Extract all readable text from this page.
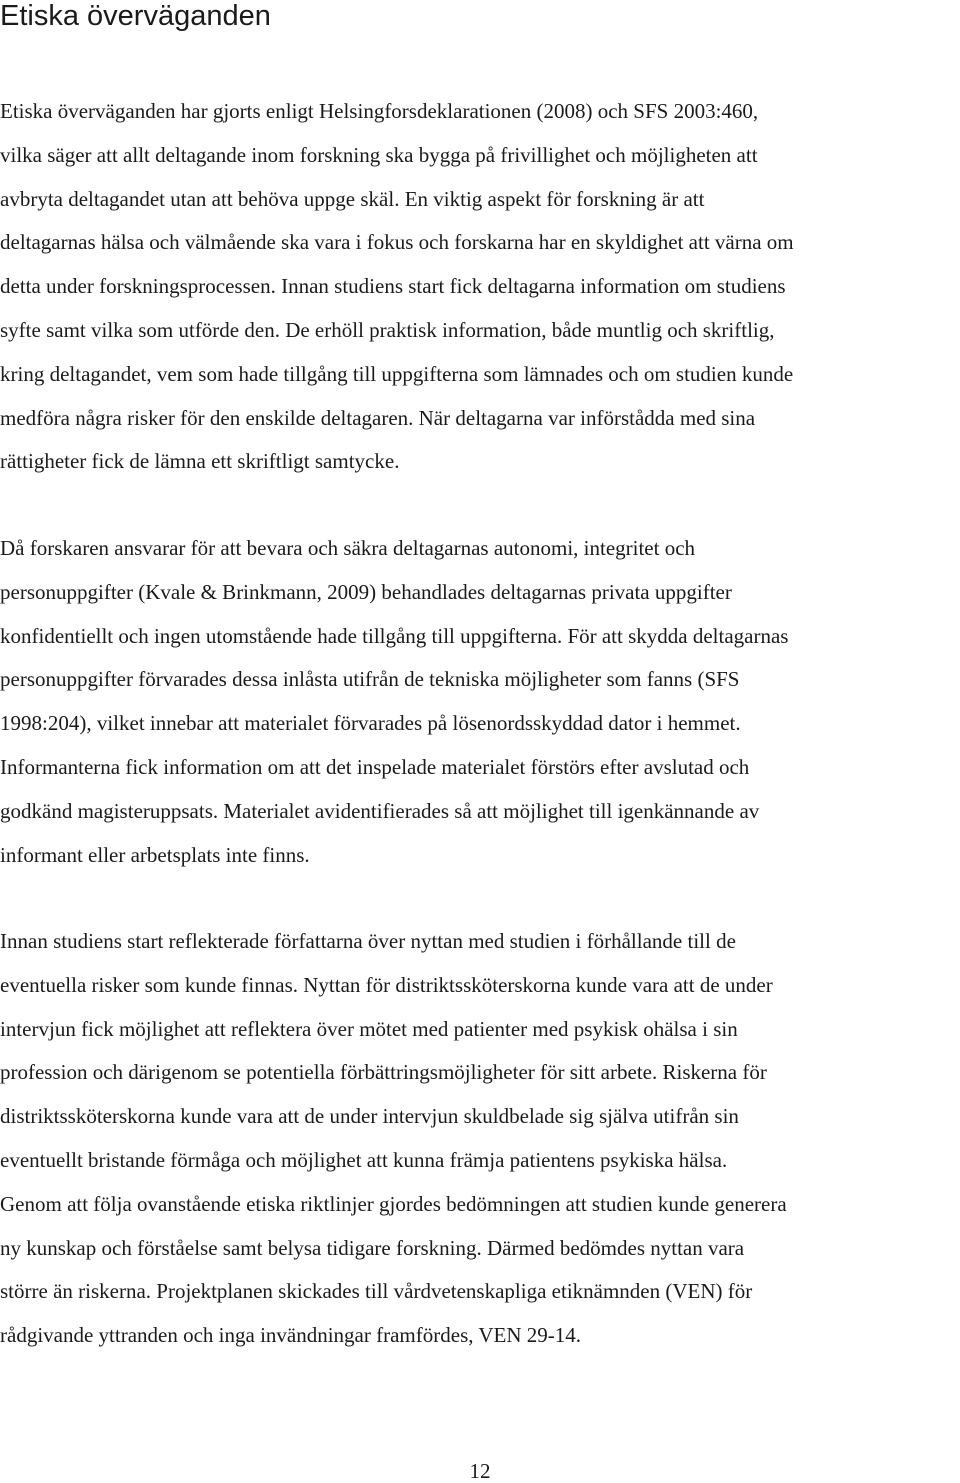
Etiska överväganden
Etiska överväganden har gjorts enligt Helsingforsdeklarationen (2008) och SFS 2003:460,
vilka säger att allt deltagande inom forskning ska bygga på frivillighet och möjligheten att
avbryta deltagandet utan att behöva uppge skäl. En viktig aspekt för forskning är att
deltagarnas hälsa och välmående ska vara i fokus och forskarna har en skyldighet att värna om
detta under forskningsprocessen. Innan studiens start fick deltagarna information om studiens
syfte samt vilka som utförde den. De erhöll praktisk information, både muntlig och skriftlig,
kring deltagandet, vem som hade tillgång till uppgifterna som lämnades och om studien kunde
medföra några risker för den enskilde deltagaren. När deltagarna var införstådda med sina
rättigheter fick de lämna ett skriftligt samtycke.
Då forskaren ansvarar för att bevara och säkra deltagarnas autonomi, integritet och
personuppgifter (Kvale & Brinkmann, 2009) behandlades deltagarnas privata uppgifter
konfidentiellt och ingen utomstående hade tillgång till uppgifterna. För att skydda deltagarnas
personuppgifter förvarades dessa inlåsta utifrån de tekniska möjligheter som fanns (SFS
1998:204), vilket innebar att materialet förvarades på lösenordsskyddad dator i hemmet.
Informanterna fick information om att det inspelade materialet förstörs efter avslutad och
godkänd magisteruppsats. Materialet avidentifierades så att möjlighet till igenkännande av
informant eller arbetsplats inte finns.
Innan studiens start reflekterade författarna över nyttan med studien i förhållande till de
eventuella risker som kunde finnas. Nyttan för distriktssköterskorna kunde vara att de under
intervjun fick möjlighet att reflektera över mötet med patienter med psykisk ohälsa i sin
profession och därigenom se potentiella förbättringsmöjligheter för sitt arbete. Riskerna för
distriktssköterskorna kunde vara att de under intervjun skuldbelade sig själva utifrån sin
eventuellt bristande förmåga och möjlighet att kunna främja patientens psykiska hälsa.
Genom att följa ovanstående etiska riktlinjer gjordes bedömningen att studien kunde generera
ny kunskap och förståelse samt belysa tidigare forskning. Därmed bedömdes nyttan vara
större än riskerna. Projektplanen skickades till vårdvetenskapliga etiknämnden (VEN) för
rådgivande yttranden och inga invändningar framfördes, VEN 29-14.
12
